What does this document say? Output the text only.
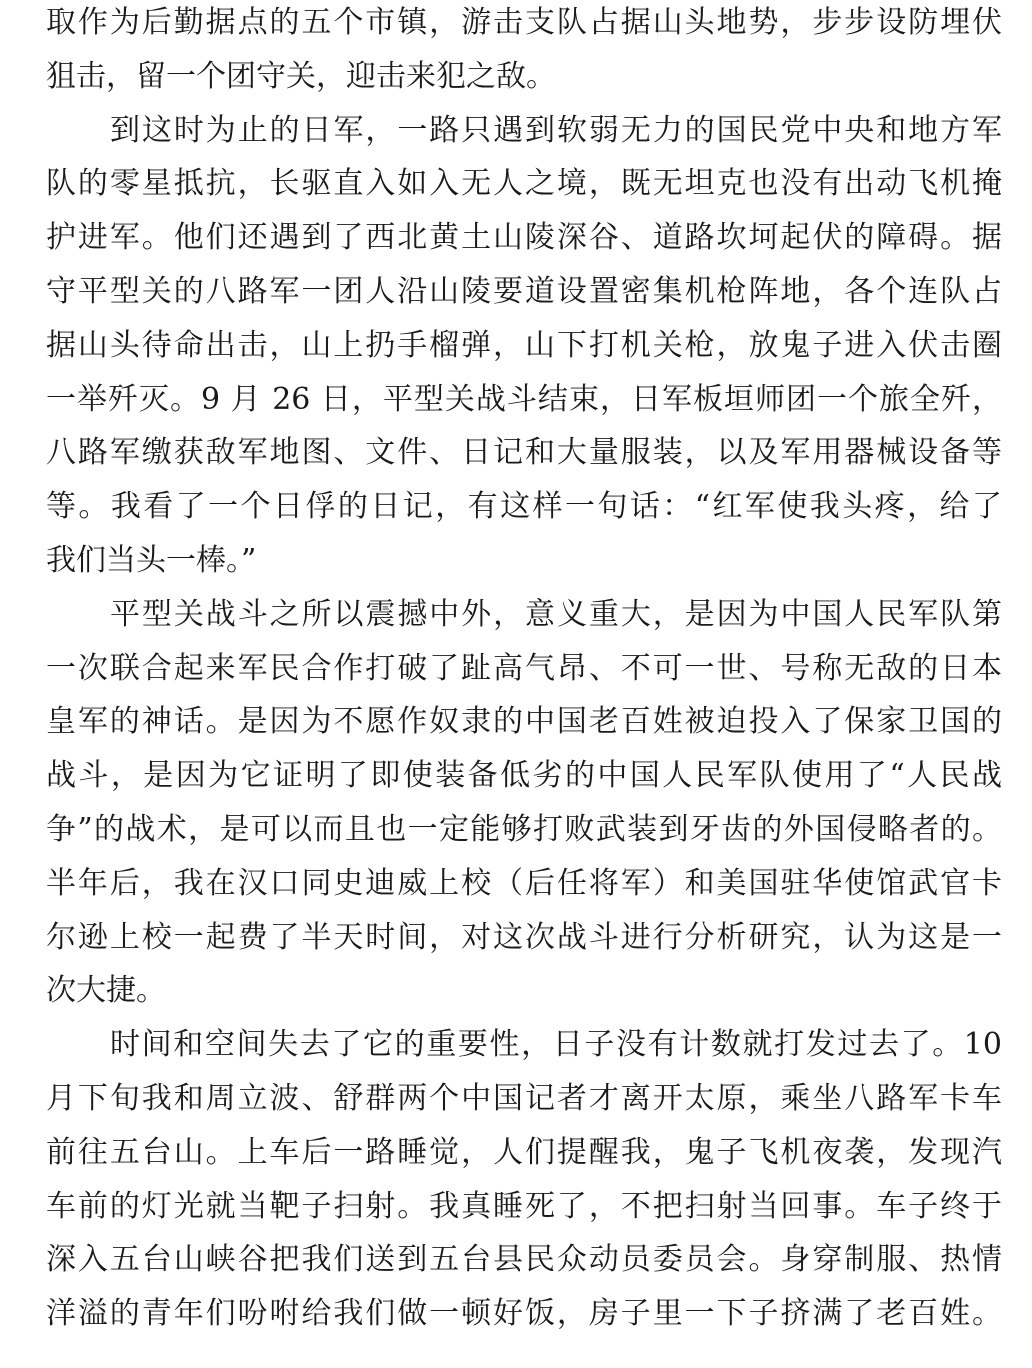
取作为后勤据点的五个市镇，游击支队占据山头地势，步步设防埋伏
狙击，留一个团守关，迎击来犯之敌。
到这时为止的日军，一路只遇到软弱无力的国民党中央和地方军
队的零星抵抗，长驱直入如入无人之境，既无坦克也没有出动飞机掩
护进军。他们还遇到了西北黄土山陵深谷、道路坎坷起伏的障碍。据
守平型关的八路军一团人沿山陵要道设置密集机枪阵地，各个连队占
据山头待命出击，山上扔手榴弹，山下打机关枪，放鬼子进入伏击圈
一举歼灭。9 月 26 日，平型关战斗结束，日军板垣师团一个旅全歼，
八路军缴获敌军地图、文件、日记和大量服装，以及军用器械设备等
等。我看了一个日俘的日记，有这样一句话：“红军使我头疼，给了
我们当头一棒。”
平型关战斗之所以震撼中外，意义重大，是因为中国人民军队第
一次联合起来军民合作打破了趾高气昂、不可一世、号称无敌的日本
皇军的神话。是因为不愿作奴隶的中国老百姓被迫投入了保家卫国的
战斗，是因为它证明了即使装备低劣的中国人民军队使用了“人民战
争”的战术，是可以而且也一定能够打败武装到牙齿的外国侵略者的。
半年后，我在汉口同史迪威上校（后任将军）和美国驻华使馆武官卡
尔逊上校一起费了半天时间，对这次战斗进行分析研究，认为这是一
次大捷。
时间和空间失去了它的重要性，日子没有计数就打发过去了。10
月下旬我和周立波、舒群两个中国记者才离开太原，乘坐八路军卡车
前往五台山。上车后一路睡觉，人们提醒我，鬼子飞机夜袭，发现汽
车前的灯光就当靶子扫射。我真睡死了，不把扫射当回事。车子终于
深入五台山峡谷把我们送到五台县民众动员委员会。身穿制服、热情
洋溢的青年们吩咐给我们做一顿好饭，房子里一下子挤满了老百姓。
